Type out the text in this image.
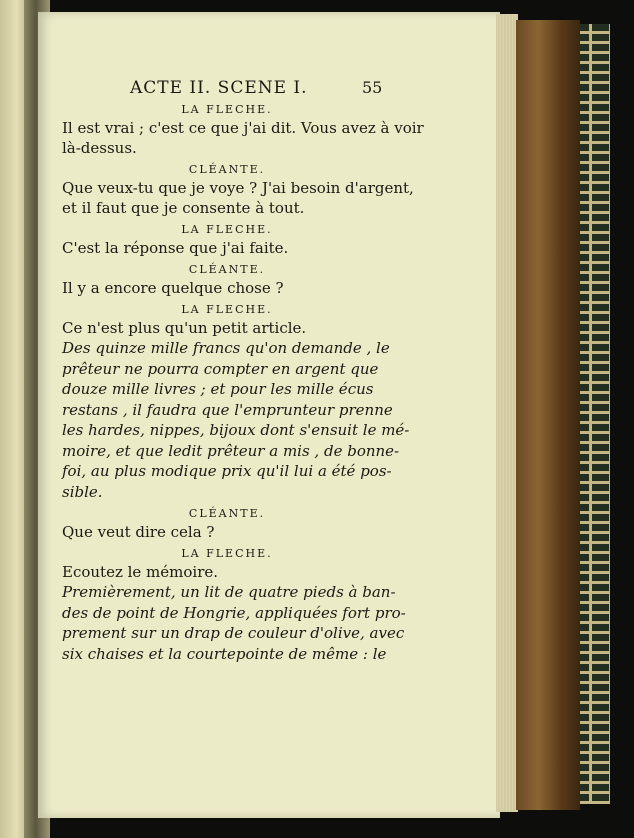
ACTE II. SCENE I.	55

LA FLECHE.

Il est vrai ; c'est ce que j'ai dit. Vous avez à voir

là-dessus.

CLÉANTE.

Que veux-tu que je voye ? J'ai besoin d'argent,

et il faut que je consente à tout.

LA FLECHE.

C'est la réponse que j'ai faite.

CLÉANTE.

Il y a encore quelque chose ?

LA FLECHE.

Ce n'est plus qu'un petit article.

Des quinze mille francs qu'on demande , le

prêteur ne pourra compter en argent que

douze mille livres ; et pour les mille écus

restans , il faudra que l'emprunteur prenne

les hardes, nippes, bijoux dont s'ensuit le mé-

moire, et que ledit prêteur a mis , de bonne-

foi, au plus modique prix qu'il lui a été pos-

sible.

CLÉANTE.

Que veut dire cela ?

LA FLECHE.

Ecoutez le mémoire.

Premièrement, un lit de quatre pieds à ban-

des de point de Hongrie, appliquées fort pro-

prement sur un drap de couleur d'olive, avec

six chaises et la courtepointe de même : le
